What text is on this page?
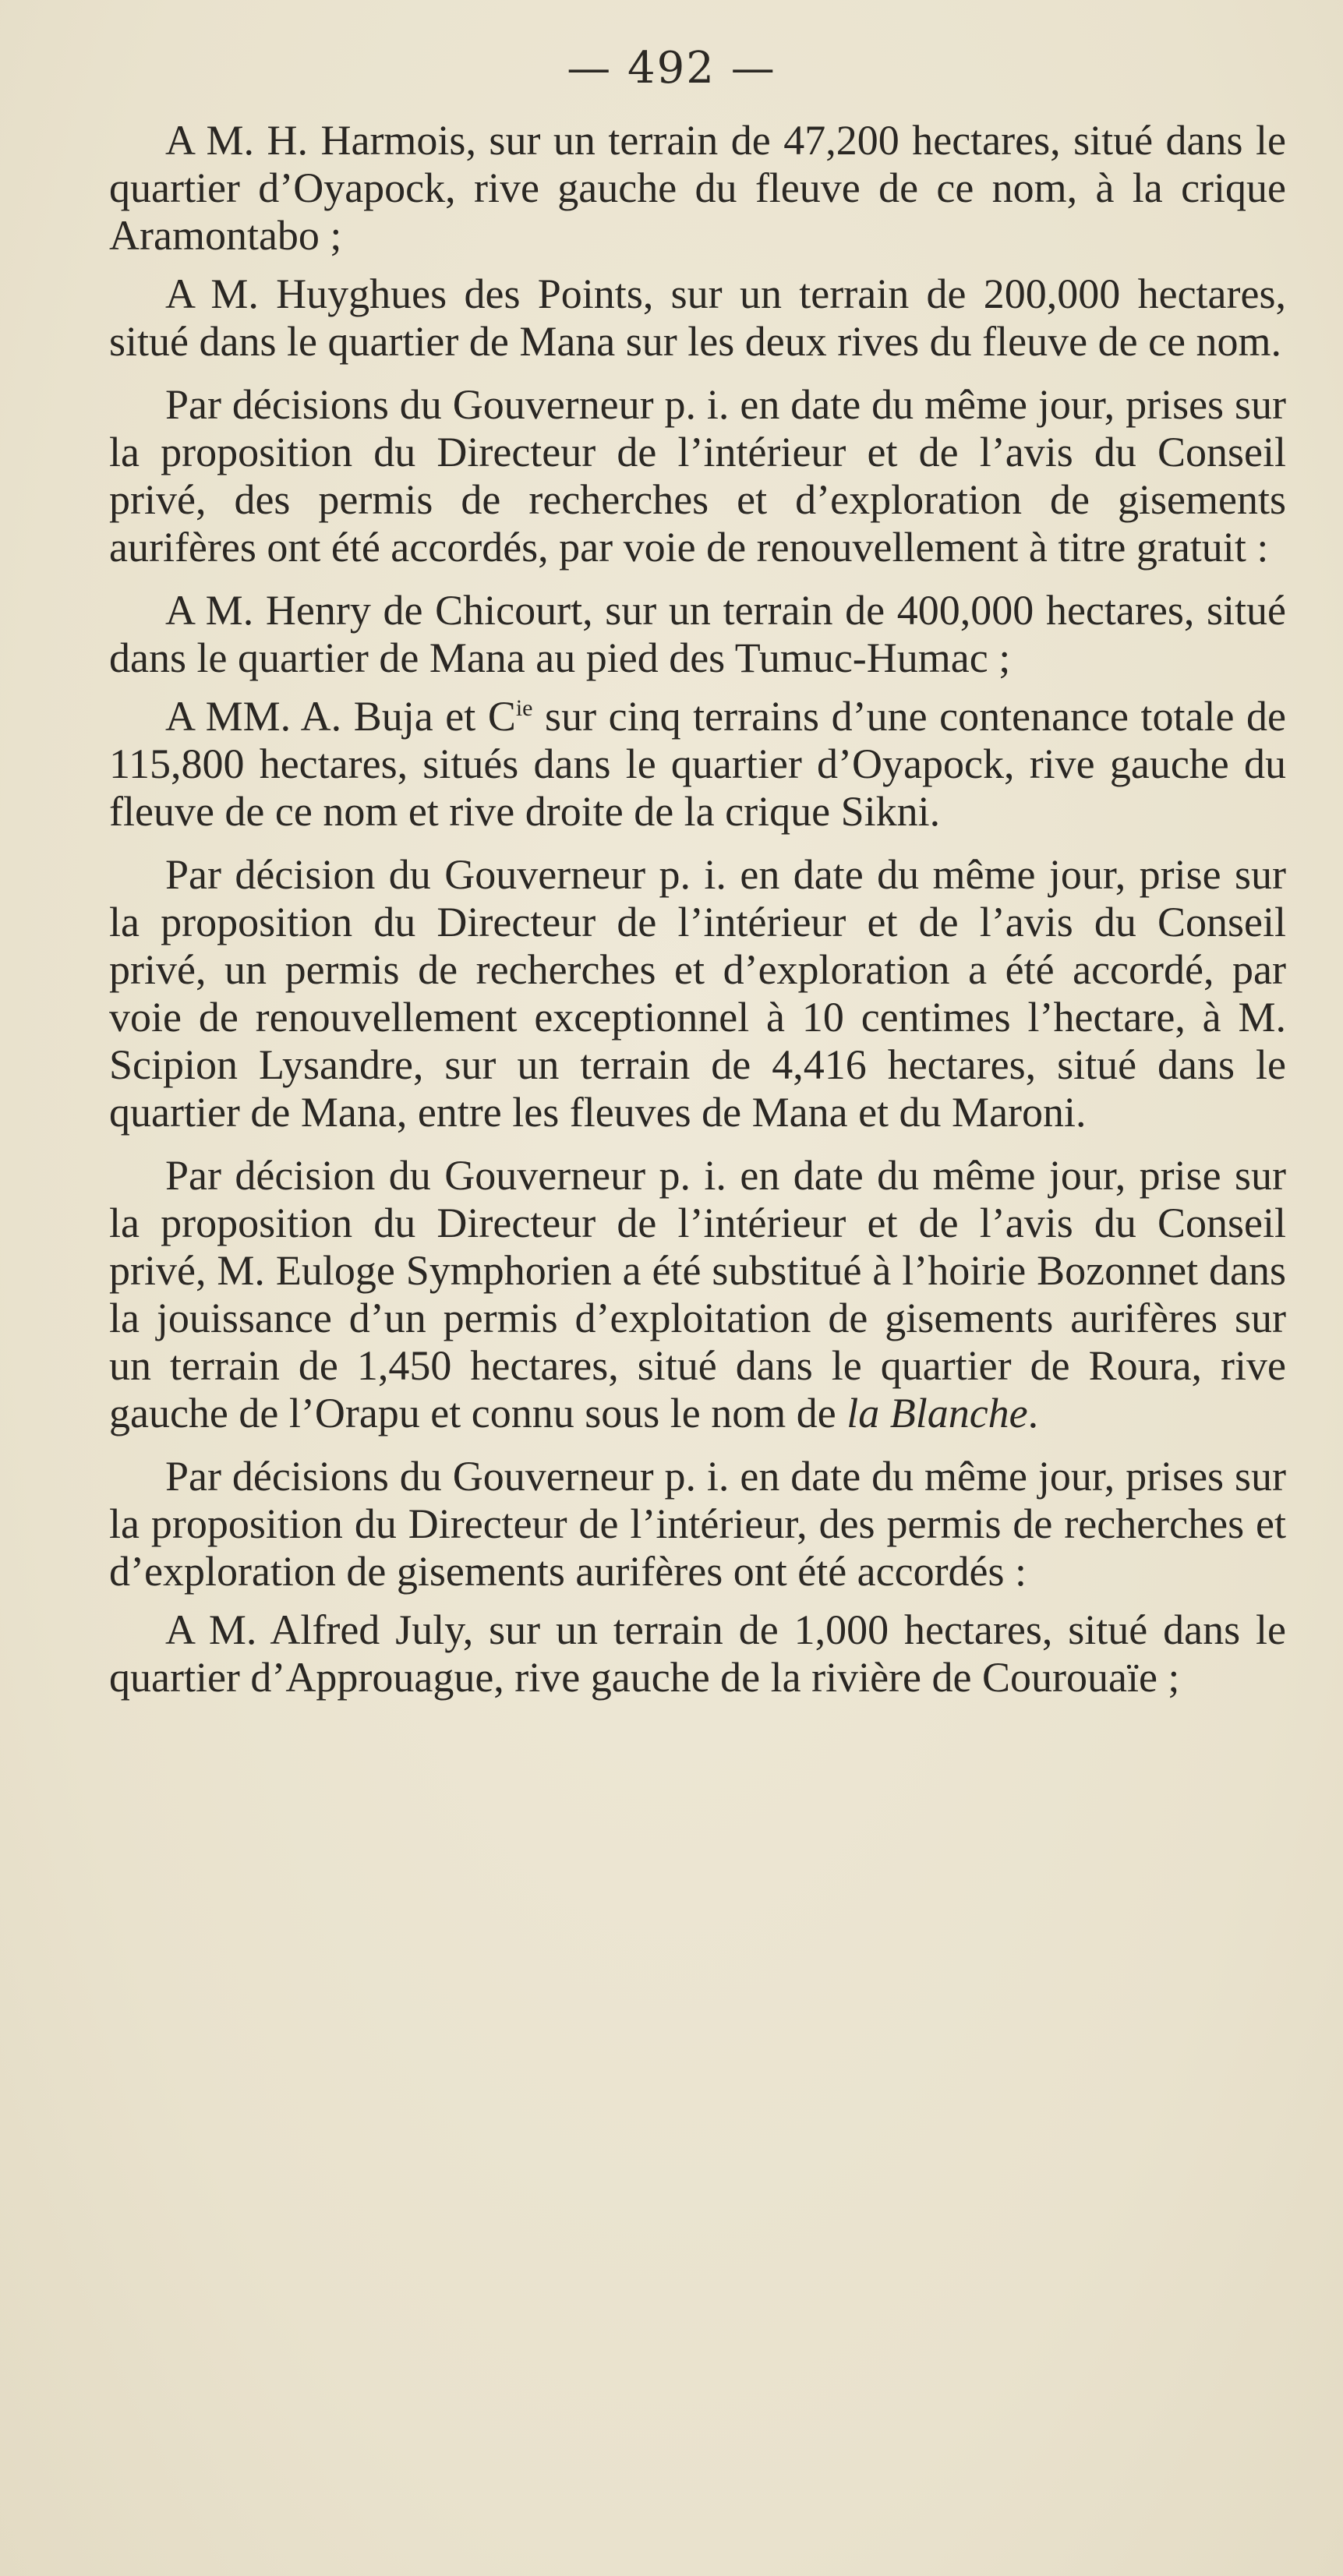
— 492 —

A M. H. Harmois, sur un terrain de 47,200 hectares, situé dans le quartier d’Oyapock, rive gauche du fleuve de ce nom, à la crique Aramontabo ;

A M. Huyghues des Points, sur un terrain de 200,000 hectares, situé dans le quartier de Mana sur les deux rives du fleuve de ce nom.

Par décisions du Gouverneur p. i. en date du même jour, prises sur la proposition du Directeur de l’intérieur et de l’avis du Conseil privé, des permis de recherches et d’exploration de gisements aurifères ont été accordés, par voie de renouvellement à titre gratuit :

A M. Henry de Chicourt, sur un terrain de 400,000 hectares, situé dans le quartier de Mana au pied des Tumuc-Humac ;

A MM. A. Buja et $C^{ie}$ sur cinq terrains d’une contenance totale de 115,800 hectares, situés dans le quartier d’Oyapock, rive gauche du fleuve de ce nom et rive droite de la crique Sikni.

Par décision du Gouverneur p. i. en date du même jour, prise sur la proposition du Directeur de l’intérieur et de l’avis du Conseil privé, un permis de recherches et d’exploration a été accordé, par voie de renouvellement exceptionnel à 10 centimes l’hectare, à M. Scipion Lysandre, sur un terrain de 4,416 hectares, situé dans le quartier de Mana, entre les fleuves de Mana et du Maroni.

Par décision du Gouverneur p. i. en date du même jour, prise sur la proposition du Directeur de l’intérieur et de l’avis du Conseil privé, M. Euloge Symphorien a été substitué à l’hoirie Bozonnet dans la jouissance d’un permis d’exploitation de gisements aurifères sur un terrain de 1,450 hectares, situé dans le quartier de Roura, rive gauche de l’Orapu et connu sous le nom de la Blanche.

Par décisions du Gouverneur p. i. en date du même jour, prises sur la proposition du Directeur de l’intérieur, des permis de recherches et d’exploration de gisements aurifères ont été accordés :

A M. Alfred July, sur un terrain de 1,000 hectares, situé dans le quartier d’Approuague, rive gauche de la rivière de Courouaïe ;
